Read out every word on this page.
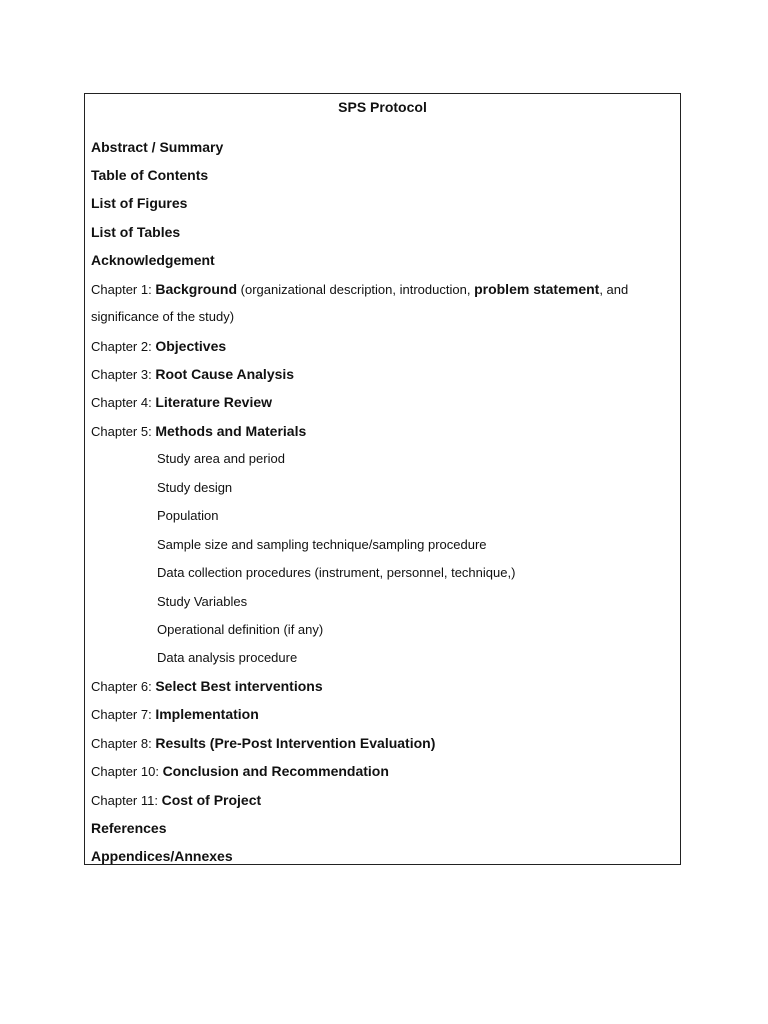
SPS Protocol
Abstract / Summary
Table of Contents
List of Figures
List of Tables
Acknowledgement
Chapter 1: Background (organizational description, introduction, problem statement, and
significance of the study)
Chapter 2: Objectives
Chapter 3: Root Cause Analysis
Chapter 4: Literature Review
Chapter 5: Methods and Materials
Study area and period
Study design
Population
Sample size and sampling technique/sampling procedure
Data collection procedures (instrument, personnel, technique,)
Study Variables
Operational definition (if any)
Data analysis procedure
Chapter 6: Select Best interventions
Chapter 7: Implementation
Chapter 8: Results (Pre-Post Intervention Evaluation)
Chapter 10: Conclusion and Recommendation
Chapter 11: Cost of Project
References
Appendices/Annexes
